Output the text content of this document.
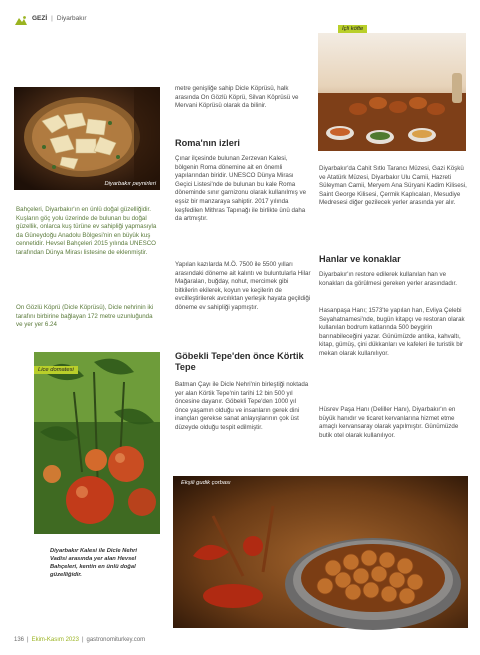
GEZİ | Diyarbakır
Diyarbakır peynirleri
Bahçeleri, Diyarbakır'ın en ünlü doğal güzelliğidir. Kuşların göç yolu üzerinde de bulunan bu doğal güzellik, onlarca kuş türüne ev sahipliği yapmasıyla da Güneydoğu Anadolu Bölgesi'nin en büyük kuş cennetidir. Hevsel Bahçeleri 2015 yılında UNESCO tarafından Dünya Mirası listesine de eklenmiştir.
On Gözlü Köprü (Dicle Köprüsü), Dicle nehrinin iki tarafını birbirine bağlayan 172 metre uzunluğunda ve yer yer 6.24
Lice domatesi
Diyarbakır Kalesi ile Dicle Nehri Vadisi arasında yer alan Hevsel Bahçeleri, kentin en ünlü doğal güzelliğidir.
metre genişliğe sahip Dicle Köprüsü, halk arasında On Gözlü Köprü, Silvan Köprüsü ve Mervani Köprüsü olarak da bilinir.
Roma'nın izleri
Çınar ilçesinde bulunan Zerzevan Kalesi, bölgenin Roma dönemine ait en önemli yapılarından biridir. UNESCO Dünya Mirası Geçici Listesi'nde de bulunan bu kale Roma döneminde sınır garnizonu olarak kullanılmış ve eşsiz bir manzaraya sahiptir. 2017 yılında keşfedilen Mithras Tapınağı ile birlikte ünü daha da artmıştır.
Yapılan kazılarda M.Ö. 7500 ile 5500 yılları arasındaki döneme ait kalıntı ve buluntularla Hilar Mağaraları, buğday, nohut, mercimek gibi bitkilerin ekilerek, koyun ve keçilerin de evcilleştirilerek avcılıktan yerleşik hayata geçildiği döneme ev sahipliği yapmıştır.
Göbekli Tepe'den önce Körtik Tepe
Batman Çayı ile Dicle Nehri'nin birleştiği noktada yer alan Körtik Tepe'nin tarihi 12 bin 500 yıl öncesine dayanır. Göbekli Tepe'den 1000 yıl önce yaşamın olduğu ve insanların gerek dini inançları gerekse sanat anlayışlarının çok üst düzeyde olduğu tespit edilmiştir.
İçli köfte
Diyarbakır'da Cahit Sıtkı Tarancı Müzesi, Gazi Köşkü ve Atatürk Müzesi, Diyarbakır Ulu Camii, Hazreti Süleyman Camii, Meryem Ana Süryani Kadim Kilisesi, Saint George Kilisesi, Çermik Kaplıcaları, Mesudiye Medresesi diğer gezilecek yerler arasında yer alır.
Hanlar ve konaklar
Diyarbakır'ın restore edilerek kullanılan han ve konakları da görülmesi gereken yerler arasındadır.
Hasanpaşa Hanı; 1573'te yapılan han, Evliya Çelebi Seyahatnamesi'nde, bugün kitapçı ve restoran olarak kullanılan bodrum katlarında 500 beygirin barınabileceğini yazar. Günümüzde antika, kahvaltı, kitap, gümüş, çini dükkanları ve kafeleri ile turistik bir mekan olarak kullanılıyor.
Hüsrev Paşa Hanı (Deliller Hanı), Diyarbakır'ın en büyük hanıdır ve ticaret kervanlarına hizmet etme amaçlı kervansaray olarak yapılmıştır. Günümüzde butik otel olarak kullanılıyor.
Ekşili gudik çorbası
136 | Ekim-Kasım 2023 | gastronomiturkey.com
